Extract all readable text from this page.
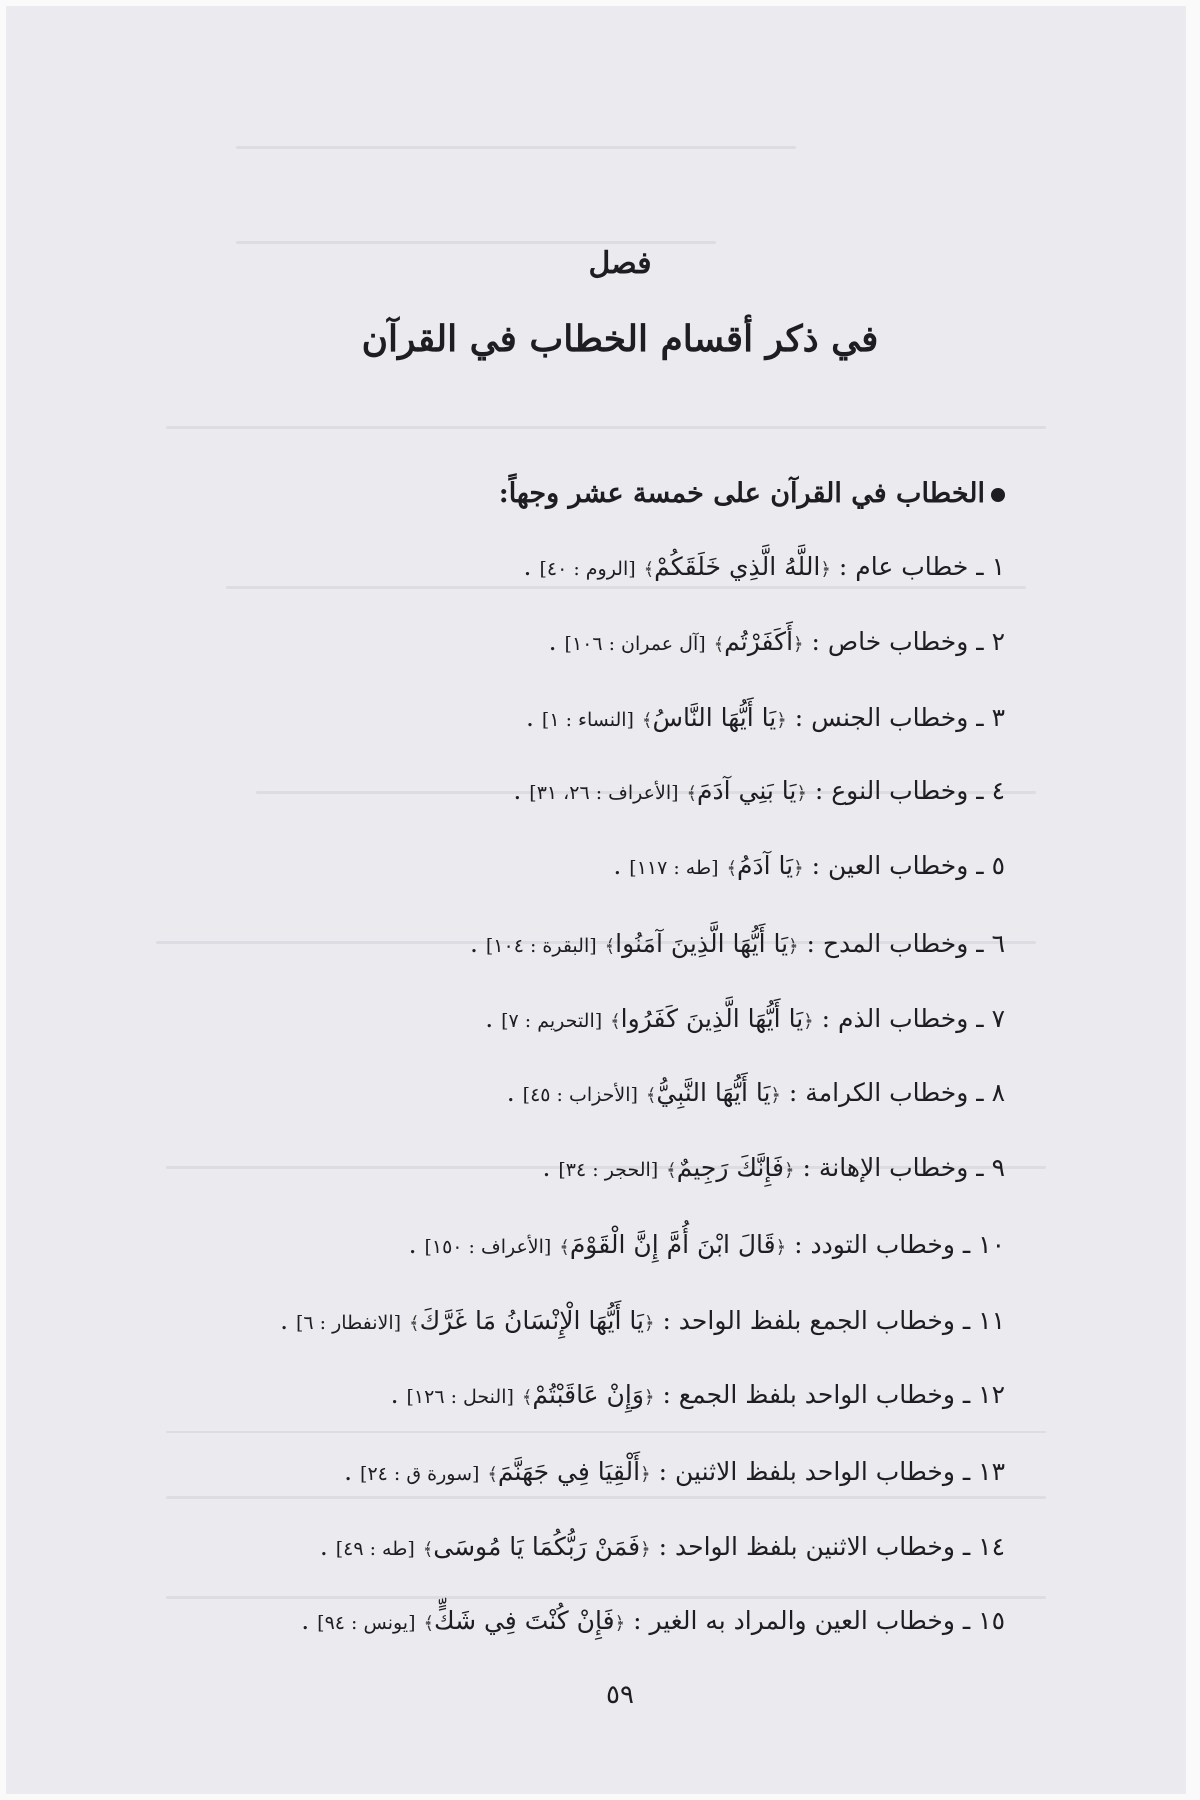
فصل
في ذكر أقسام الخطاب في القرآن
الخطاب في القرآن على خمسة عشر وجهاً:
١ ـ خطاب عام : ﴿اللَّهُ الَّذِي خَلَقَكُمْ﴾ [الروم : ٤٠] .
٢ ـ وخطاب خاص : ﴿أَكَفَرْتُم﴾ [آل عمران : ١٠٦] .
٣ ـ وخطاب الجنس : ﴿يَا أَيُّهَا النَّاسُ﴾ [النساء : ١] .
٤ ـ وخطاب النوع : ﴿يَا بَنِي آدَمَ﴾ [الأعراف : ٢٦، ٣١] .
٥ ـ وخطاب العين : ﴿يَا آدَمُ﴾ [طه : ١١٧] .
٦ ـ وخطاب المدح : ﴿يَا أَيُّهَا الَّذِينَ آمَنُوا﴾ [البقرة : ١٠٤] .
٧ ـ وخطاب الذم : ﴿يَا أَيُّهَا الَّذِينَ كَفَرُوا﴾ [التحريم : ٧] .
٨ ـ وخطاب الكرامة : ﴿يَا أَيُّهَا النَّبِيُّ﴾ [الأحزاب : ٤٥] .
٩ ـ وخطاب الإهانة : ﴿فَإِنَّكَ رَجِيمٌ﴾ [الحجر : ٣٤] .
١٠ ـ وخطاب التودد : ﴿قَالَ ابْنَ أُمَّ إِنَّ الْقَوْمَ﴾ [الأعراف : ١٥٠] .
١١ ـ وخطاب الجمع بلفظ الواحد : ﴿يَا أَيُّهَا الْإِنْسَانُ مَا غَرَّكَ﴾ [الانفطار : ٦] .
١٢ ـ وخطاب الواحد بلفظ الجمع : ﴿وَإِنْ عَاقَبْتُمْ﴾ [النحل : ١٢٦] .
١٣ ـ وخطاب الواحد بلفظ الاثنين : ﴿أَلْقِيَا فِي جَهَنَّمَ﴾ [سورة ق : ٢٤] .
١٤ ـ وخطاب الاثنين بلفظ الواحد : ﴿فَمَنْ رَبُّكُمَا يَا مُوسَى﴾ [طه : ٤٩] .
١٥ ـ وخطاب العين والمراد به الغير : ﴿فَإِنْ كُنْتَ فِي شَكٍّ﴾ [يونس : ٩٤] .
٥٩
